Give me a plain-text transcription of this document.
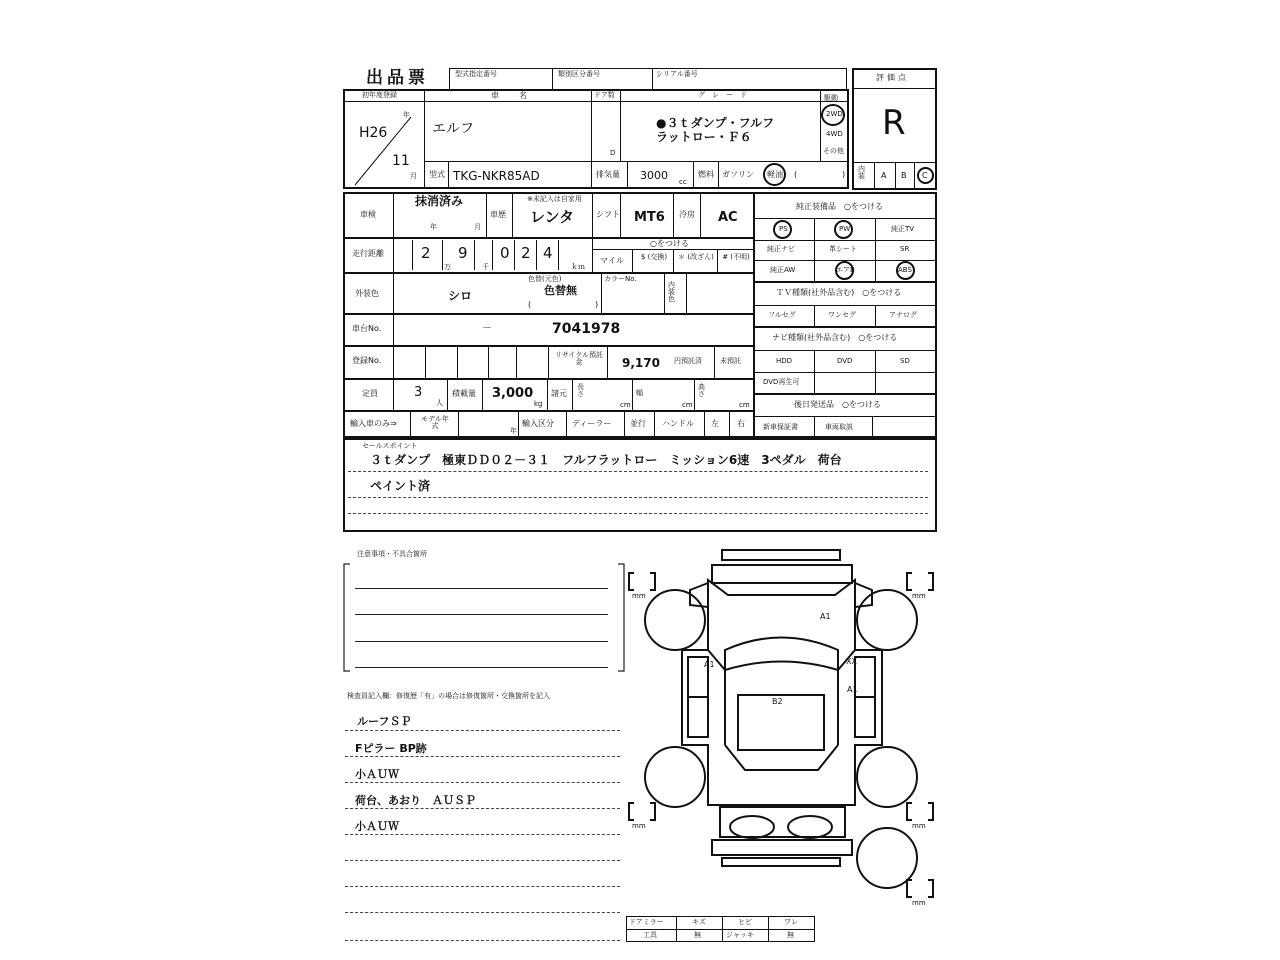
出品票	型式指定番号	類別区分番号	シリアル番号	評価点
R
内装	A B C
初年度登録
H26
年
11
月
車名
エルフ
ドア数
D
グレード
●３ｔダンプ・フルフ
ラットロー・Ｆ６
駆動
2WD
4WD
その他
型式 TKG-NKR85AD	排気量 3000 cc
燃料 ガソリン 軽油 (	)
車検
抹消済み
年	月
車歴
※未記入は自家用
レンタ	シフト MT6 冷房 AC
走行距離 2
万
9
千
0 2 4
ｋｍ
○をつける
マイル	$ (交換)	＊ (改ざん)	# (不明)
外装色	シロ
色替(元色)
色替無
(	)
カラーNo.
内装色
車台No.	－	7041978
登録No.
リサイクル預託金	9,170 円預託済	未預託
定員	3
人
積載量 3,000
kg
諸元
長さ
cm
幅
cm
高さ
cm
輸入車のみ⇒	モデル年式
年
輸入区分 ディーラー 並行 ハンドル 左 右
純正装備品　○をつける
PS	PW	純正TV
純正ナビ	革シート	SR
純正AW	エアB	ABS
ＴＶ種類(社外品含む)　○をつける
フルセグ	ワンセグ	アナログ
ナビ種類(社外品含む)　○をつける
HDD	DVD	SD
DVD再生可
後日発送品　○をつける
新車保証書	車両取説
セールスポイント
３ｔダンプ　極東ＤＤ０２－３１　フルフラットロー　ミッション6速　3ペダル　荷台
ペイント済
注意事項・不具合箇所
検査員記入欄：修復歴「有」の場合は修復箇所・交換箇所を記入
ルーフＳＰ
Fピラー BP跡
小ＡＵＷ
荷台、あおり　ＡＵＳＰ
小ＡＵＷ
A1
A1	XX
A1
B2
mm	mm
mm	mm
mm
ドアミラー	キズ	ヒビ	ワレ
工具	無	ジャッキ	無
